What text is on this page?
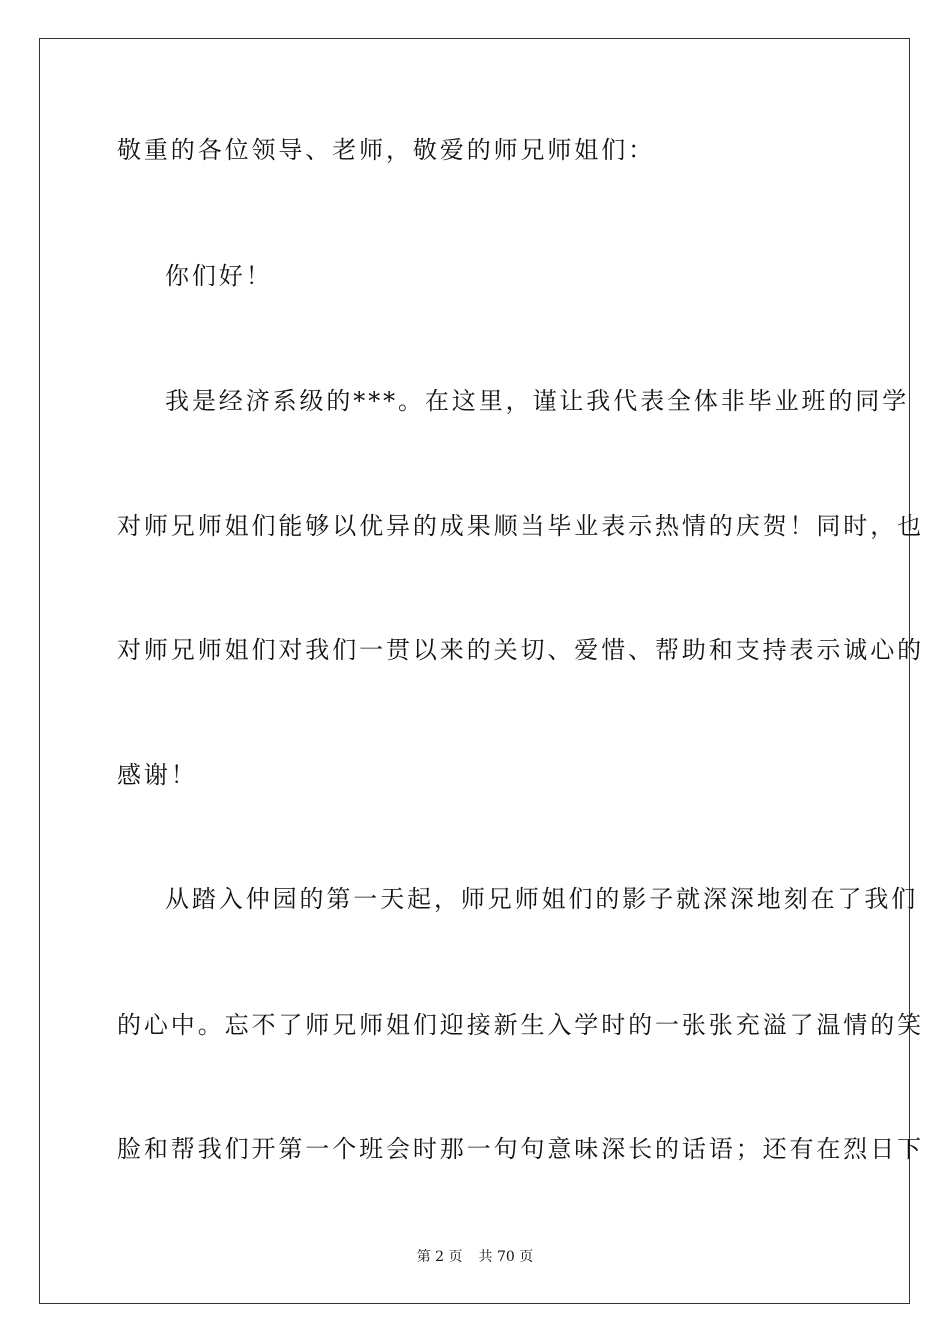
敬重的各位领导、老师，敬爱的师兄师姐们：
你们好！
我是经济系级的***。在这里，谨让我代表全体非毕业班的同学
对师兄师姐们能够以优异的成果顺当毕业表示热情的庆贺！同时，也
对师兄师姐们对我们一贯以来的关切、爱惜、帮助和支持表示诚心的
感谢！
从踏入仲园的第一天起，师兄师姐们的影子就深深地刻在了我们
的心中。忘不了师兄师姐们迎接新生入学时的一张张充溢了温情的笑
脸和帮我们开第一个班会时那一句句意味深长的话语；还有在烈日下
第 2 页 共 70 页
